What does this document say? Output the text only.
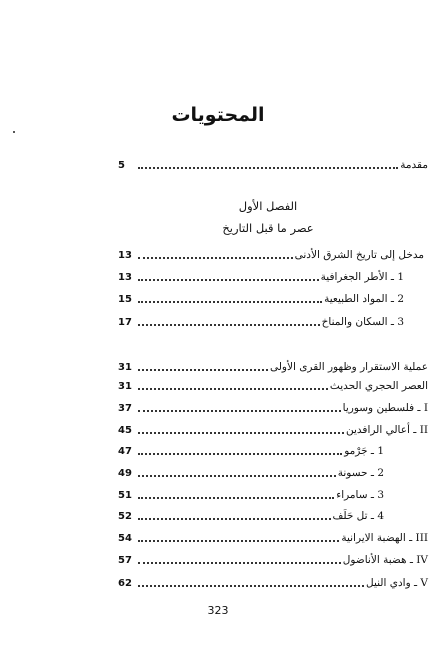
المحتويات
الفصل الأول
عصر ما قبل التاريخ
5	مقدمة
13	مدخل إلى تاريخ الشرق الأدنى
13	1 ـ الأطر الجغرافية
15	2 ـ المواد الطبيعية
17	3 ـ السكان والمناخ
31	عملية الاستقرار وظهور القرى الأولى
31	العصر الحجري الحديث
37	I ـ فلسطين وسوريا
45	II ـ أعالي الرافدين
47	1 ـ جَرْمو
49	2 ـ حسونة
51	3 ـ سامراء
52	4 ـ تل حَلَف
54	III ـ الهضبة الايرانية
57	IV ـ هضبة الأناضول
62	V ـ وادي النيل
323
